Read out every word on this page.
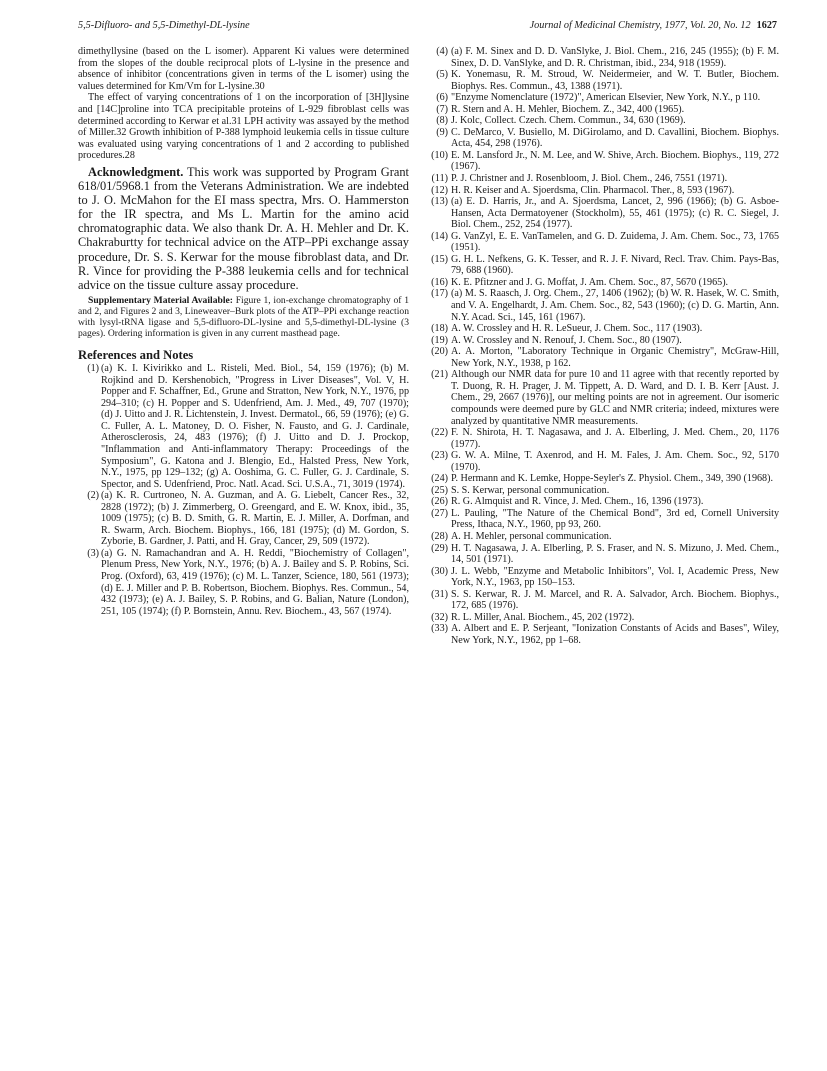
5,5-Difluoro- and 5,5-Dimethyl-DL-lysine	Journal of Medicinal Chemistry, 1977, Vol. 20, No. 12 1627

dimethyllysine (based on the L isomer). Apparent Ki values were determined from the slopes of the double reciprocal plots of L-lysine in the presence and absence of inhibitor (concentrations given in terms of the L isomer) using the values determined for Km/Vm for L-lysine.30

The effect of varying concentrations of 1 on the incorporation of [3H]lysine and [14C]proline into TCA precipitable proteins of L-929 fibroblast cells was determined according to Kerwar et al.31 LPH activity was assayed by the method of Miller.32 Growth inhibition of P-388 lymphoid leukemia cells in tissue culture was evaluated using varying concentrations of 1 and 2 according to published procedures.28

Acknowledgment. This work was supported by Program Grant 618/01/5968.1 from the Veterans Administration. We are indebted to J. O. McMahon for the EI mass spectra, Mrs. O. Hammerston for the IR spectra, and Ms L. Martin for the amino acid chromatographic data. We also thank Dr. A. H. Mehler and Dr. K. Chakraburtty for technical advice on the ATP–PPi exchange assay procedure, Dr. S. S. Kerwar for the mouse fibroblast data, and Dr. R. Vince for providing the P-388 leukemia cells and for technical advice on the tissue culture assay procedure.

Supplementary Material Available: Figure 1, ion-exchange chromatography of 1 and 2, and Figures 2 and 3, Lineweaver–Burk plots of the ATP–PPi exchange reaction with lysyl-tRNA ligase and 5,5-difluoro-DL-lysine and 5,5-dimethyl-DL-lysine (3 pages). Ordering information is given in any current masthead page.

References and Notes
(1) (a) K. I. Kivirikko and L. Risteli, Med. Biol., 54, 159 (1976); (b) M. Rojkind and D. Kershenobich, "Progress in Liver Diseases", Vol. V, H. Popper and F. Schaffner, Ed., Grune and Stratton, New York, N.Y., 1976, pp 294–310; (c) H. Popper and S. Udenfriend, Am. J. Med., 49, 707 (1970); (d) J. Uitto and J. R. Lichtenstein, J. Invest. Dermatol., 66, 59 (1976); (e) G. C. Fuller, A. L. Matoney, D. O. Fisher, N. Fausto, and G. J. Cardinale, Atherosclerosis, 24, 483 (1976); (f) J. Uitto and D. J. Prockop, "Inflammation and Anti-inflammatory Therapy: Proceedings of the Symposium", G. Katona and J. Blengio, Ed., Halsted Press, New York, N.Y., 1975, pp 129–132; (g) A. Ooshima, G. C. Fuller, G. J. Cardinale, S. Spector, and S. Udenfriend, Proc. Natl. Acad. Sci. U.S.A., 71, 3019 (1974).
(2) (a) K. R. Curtroneo, N. A. Guzman, and A. G. Liebelt, Cancer Res., 32, 2828 (1972); (b) J. Zimmerberg, O. Greengard, and E. W. Knox, ibid., 35, 1009 (1975); (c) B. D. Smith, G. R. Martin, E. J. Miller, A. Dorfman, and R. Swarm, Arch. Biochem. Biophys., 166, 181 (1975); (d) M. Gordon, S. Zyborie, B. Gardner, J. Patti, and H. Gray, Cancer, 29, 509 (1972).
(3) (a) G. N. Ramachandran and A. H. Reddi, "Biochemistry of Collagen", Plenum Press, New York, N.Y., 1976; (b) A. J. Bailey and S. P. Robins, Sci. Prog. (Oxford), 63, 419 (1976); (c) M. L. Tanzer, Science, 180, 561 (1973); (d) E. J. Miller and P. B. Robertson, Biochem. Biophys. Res. Commun., 54, 432 (1973); (e) A. J. Bailey, S. P. Robins, and G. Balian, Nature (London), 251, 105 (1974); (f) P. Bornstein, Annu. Rev. Biochem., 43, 567 (1974).
(4) (a) F. M. Sinex and D. D. VanSlyke, J. Biol. Chem., 216, 245 (1955); (b) F. M. Sinex, D. D. VanSlyke, and D. R. Christman, ibid., 234, 918 (1959).
(5) K. Yonemasu, R. M. Stroud, W. Neidermeier, and W. T. Butler, Biochem. Biophys. Res. Commun., 43, 1388 (1971).
(6) "Enzyme Nomenclature (1972)", American Elsevier, New York, N.Y., p 110.
(7) R. Stern and A. H. Mehler, Biochem. Z., 342, 400 (1965).
(8) J. Kolc, Collect. Czech. Chem. Commun., 34, 630 (1969).
(9) C. DeMarco, V. Busiello, M. DiGirolamo, and D. Cavallini, Biochem. Biophys. Acta, 454, 298 (1976).
(10) E. M. Lansford Jr., N. M. Lee, and W. Shive, Arch. Biochem. Biophys., 119, 272 (1967).
(11) P. J. Christner and J. Rosenbloom, J. Biol. Chem., 246, 7551 (1971).
(12) H. R. Keiser and A. Sjoerdsma, Clin. Pharmacol. Ther., 8, 593 (1967).
(13) (a) E. D. Harris, Jr., and A. Sjoerdsma, Lancet, 2, 996 (1966); (b) G. Asboe-Hansen, Acta Dermatoyener (Stockholm), 55, 461 (1975); (c) R. C. Siegel, J. Biol. Chem., 252, 254 (1977).
(14) G. VanZyl, E. E. VanTamelen, and G. D. Zuidema, J. Am. Chem. Soc., 73, 1765 (1951).
(15) G. H. L. Nefkens, G. K. Tesser, and R. J. F. Nivard, Recl. Trav. Chim. Pays-Bas, 79, 688 (1960).
(16) K. E. Pfitzner and J. G. Moffat, J. Am. Chem. Soc., 87, 5670 (1965).
(17) (a) M. S. Raasch, J. Org. Chem., 27, 1406 (1962); (b) W. R. Hasek, W. C. Smith, and V. A. Engelhardt, J. Am. Chem. Soc., 82, 543 (1960); (c) D. G. Martin, Ann. N.Y. Acad. Sci., 145, 161 (1967).
(18) A. W. Crossley and H. R. LeSueur, J. Chem. Soc., 117 (1903).
(19) A. W. Crossley and N. Renouf, J. Chem. Soc., 80 (1907).
(20) A. A. Morton, "Laboratory Technique in Organic Chemistry", McGraw-Hill, New York, N.Y., 1938, p 162.
(21) Although our NMR data for pure 10 and 11 agree with that recently reported by T. Duong, R. H. Prager, J. M. Tippett, A. D. Ward, and D. I. B. Kerr [Aust. J. Chem., 29, 2667 (1976)], our melting points are not in agreement. Our isomeric compounds were deemed pure by GLC and NMR criteria; indeed, mixtures were analyzed by quantitative NMR measurements.
(22) F. N. Shirota, H. T. Nagasawa, and J. A. Elberling, J. Med. Chem., 20, 1176 (1977).
(23) G. W. A. Milne, T. Axenrod, and H. M. Fales, J. Am. Chem. Soc., 92, 5170 (1970).
(24) P. Hermann and K. Lemke, Hoppe-Seyler's Z. Physiol. Chem., 349, 390 (1968).
(25) S. S. Kerwar, personal communication.
(26) R. G. Almquist and R. Vince, J. Med. Chem., 16, 1396 (1973).
(27) L. Pauling, "The Nature of the Chemical Bond", 3rd ed, Cornell University Press, Ithaca, N.Y., 1960, pp 93, 260.
(28) A. H. Mehler, personal communication.
(29) H. T. Nagasawa, J. A. Elberling, P. S. Fraser, and N. S. Mizuno, J. Med. Chem., 14, 501 (1971).
(30) J. L. Webb, "Enzyme and Metabolic Inhibitors", Vol. I, Academic Press, New York, N.Y., 1963, pp 150–153.
(31) S. S. Kerwar, R. J. M. Marcel, and R. A. Salvador, Arch. Biochem. Biophys., 172, 685 (1976).
(32) R. L. Miller, Anal. Biochem., 45, 202 (1972).
(33) A. Albert and E. P. Serjeant, "Ionization Constants of Acids and Bases", Wiley, New York, N.Y., 1962, pp 1–68.
